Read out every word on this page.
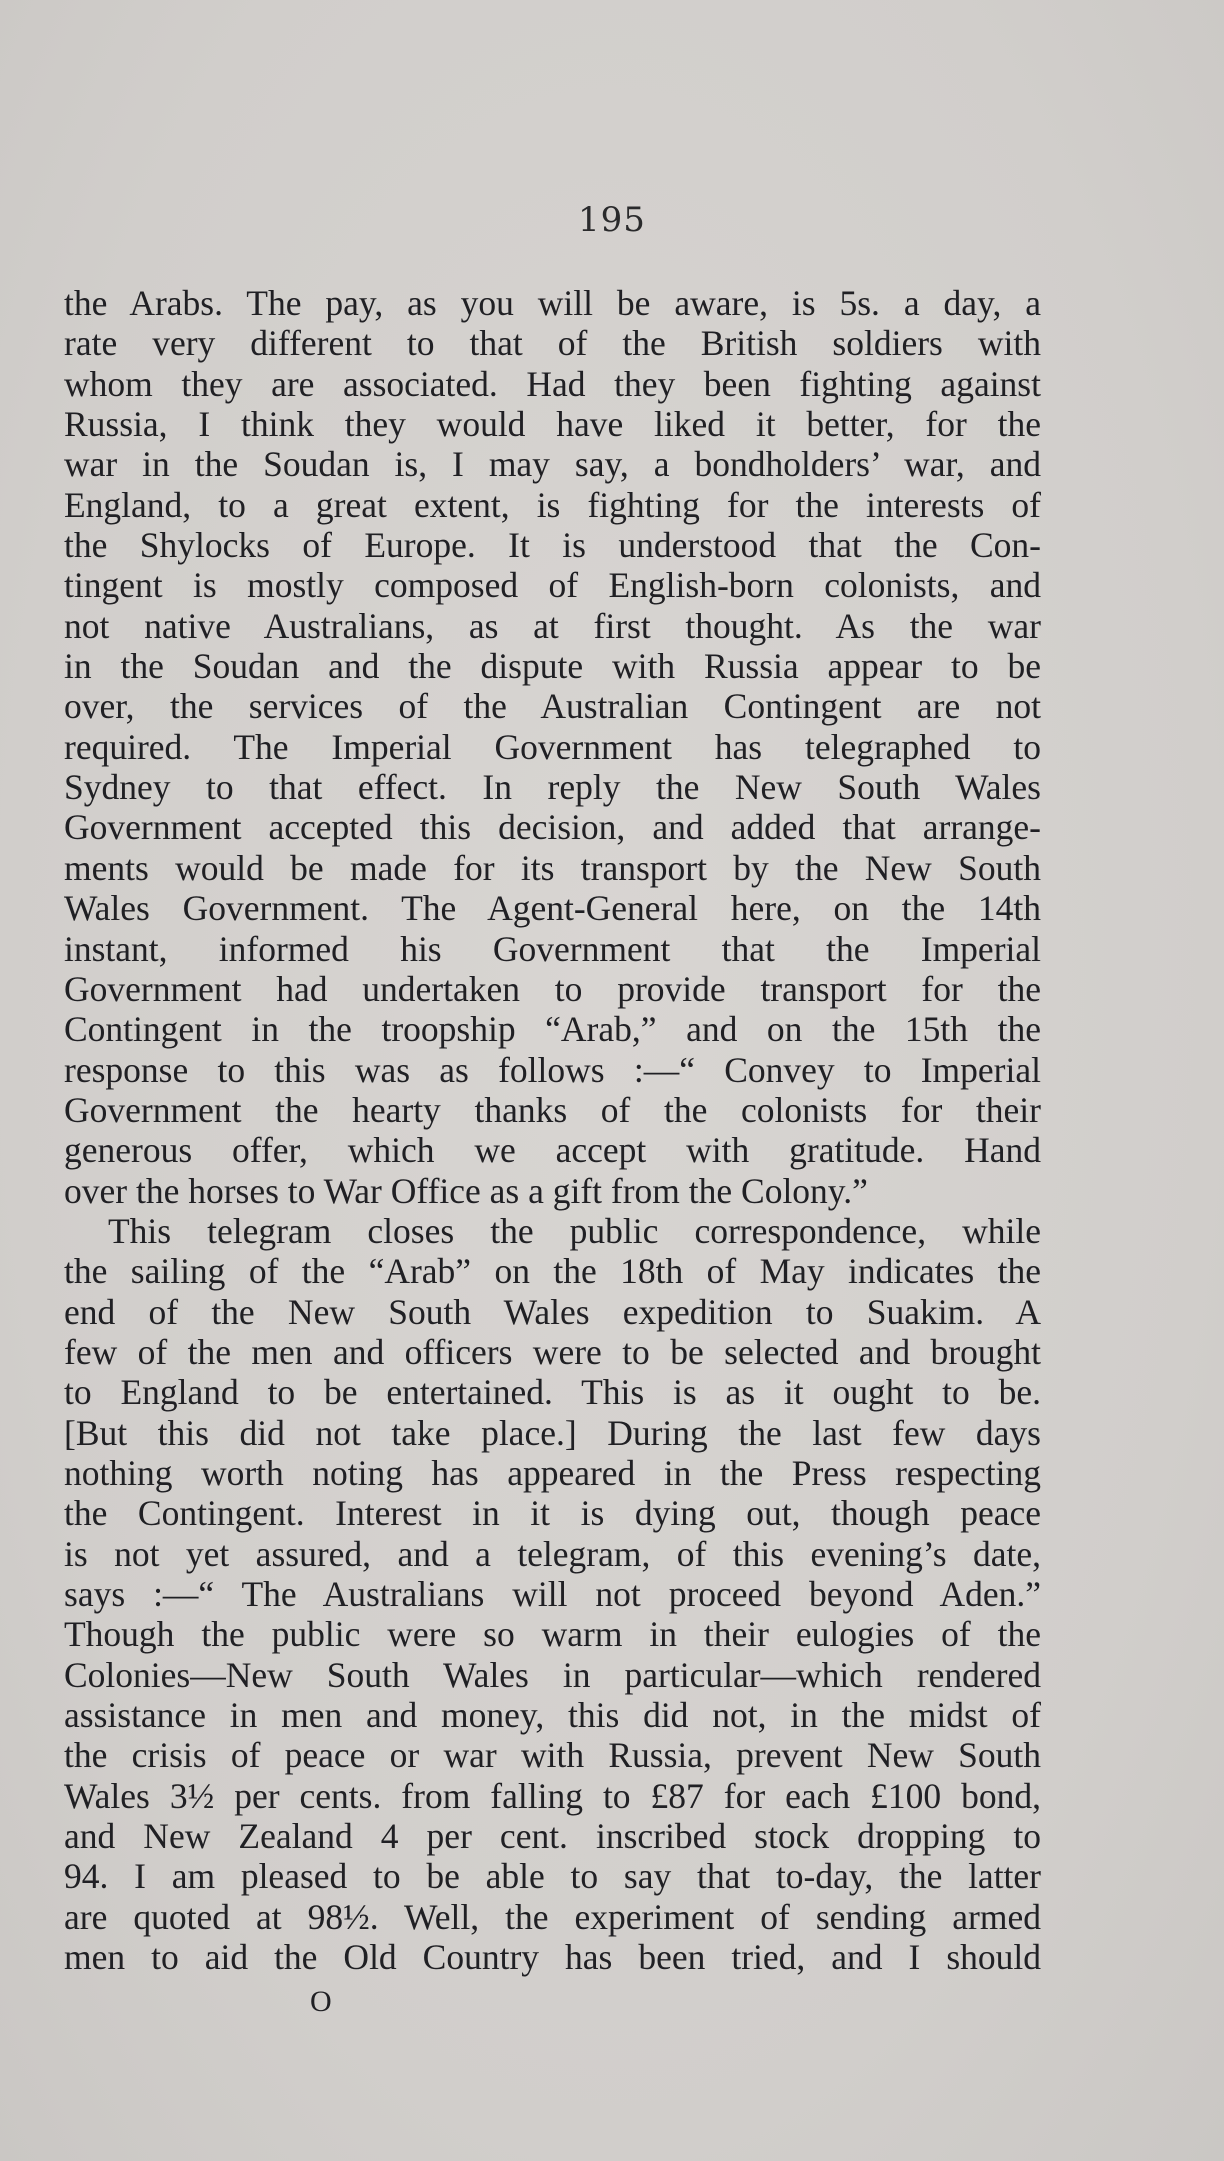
195
the Arabs. The pay, as you will be aware, is 5s. a day, a
rate very different to that of the British soldiers with
whom they are associated. Had they been fighting against
Russia, I think they would have liked it better, for the
war in the Soudan is, I may say, a bondholders’ war, and
England, to a great extent, is fighting for the interests of
the Shylocks of Europe. It is understood that the Con-
tingent is mostly composed of English-born colonists, and
not native Australians, as at first thought. As the war
in the Soudan and the dispute with Russia appear to be
over, the services of the Australian Contingent are not
required. The Imperial Government has telegraphed to
Sydney to that effect. In reply the New South Wales
Government accepted this decision, and added that arrange-
ments would be made for its transport by the New South
Wales Government. The Agent-General here, on the 14th
instant, informed his Government that the Imperial
Government had undertaken to provide transport for the
Contingent in the troopship “Arab,” and on the 15th the
response to this was as follows :—“ Convey to Imperial
Government the hearty thanks of the colonists for their
generous offer, which we accept with gratitude. Hand
over the horses to War Office as a gift from the Colony.”
This telegram closes the public correspondence, while
the sailing of the “Arab” on the 18th of May indicates the
end of the New South Wales expedition to Suakim. A
few of the men and officers were to be selected and brought
to England to be entertained. This is as it ought to be.
[But this did not take place.] During the last few days
nothing worth noting has appeared in the Press respecting
the Contingent. Interest in it is dying out, though peace
is not yet assured, and a telegram, of this evening’s date,
says :—“ The Australians will not proceed beyond Aden.”
Though the public were so warm in their eulogies of the
Colonies—New South Wales in particular—which rendered
assistance in men and money, this did not, in the midst of
the crisis of peace or war with Russia, prevent New South
Wales 3½ per cents. from falling to £87 for each £100 bond,
and New Zealand 4 per cent. inscribed stock dropping to
94. I am pleased to be able to say that to-day, the latter
are quoted at 98½. Well, the experiment of sending armed
men to aid the Old Country has been tried, and I should
O
